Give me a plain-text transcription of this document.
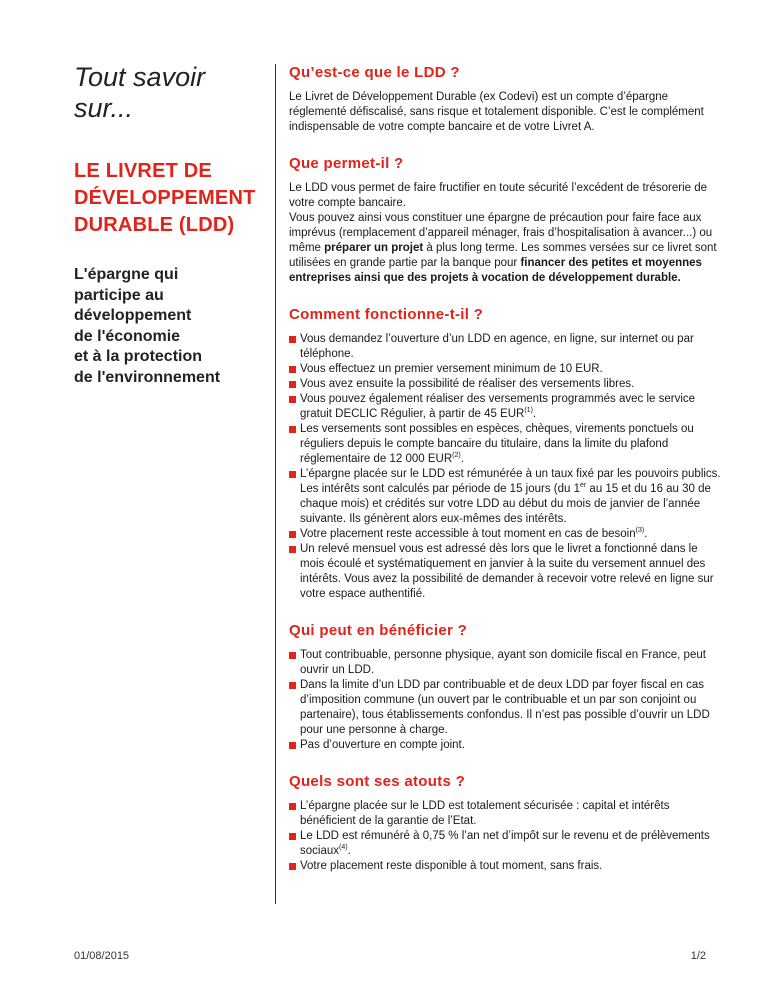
Tout savoir sur...

LE LIVRET DE DÉVELOPPEMENT DURABLE (LDD)

L'épargne qui
participe au
développement
de l'économie
et à la protection
de l'environnement

Qu’est-ce que le LDD ?

Le Livret de Développement Durable (ex Codevi) est un compte d’épargne réglementé défiscalisé, sans risque et totalement disponible. C’est le complément indispensable de votre compte bancaire et de votre Livret A.

Que permet-il ?

Le LDD vous permet de faire fructifier en toute sécurité l’excédent de trésorerie de votre compte bancaire.
Vous pouvez ainsi vous constituer une épargne de précaution pour faire face aux imprévus (remplacement d’appareil ménager, frais d’hospitalisation à avancer...) ou même préparer un projet à plus long terme. Les sommes versées sur ce livret sont utilisées en grande partie par la banque pour financer des petites et moyennes entreprises ainsi que des projets à vocation de développement durable.

Comment fonctionne-t-il ?
Vous demandez l’ouverture d’un LDD en agence, en ligne, sur internet ou par téléphone.
Vous effectuez un premier versement minimum de 10 EUR.
Vous avez ensuite la possibilité de réaliser des versements libres.
Vous pouvez également réaliser des versements programmés avec le service gratuit DECLIC Régulier, à partir de 45 EUR$^{(1)}$.
Les versements sont possibles en espèces, chèques, virements ponctuels ou réguliers depuis le compte bancaire du titulaire, dans la limite du plafond réglementaire de 12 000 EUR$^{(2)}$.
L’épargne placée sur le LDD est rémunérée à un taux fixé par les pouvoirs publics.
Les intérêts sont calculés par période de 15 jours (du 1er au 15 et du 16 au 30 de chaque mois) et crédités sur votre LDD au début du mois de janvier de l’année suivante. Ils génèrent alors eux-mêmes des intérêts.
Votre placement reste accessible à tout moment en cas de besoin$^{(3)}$.
Un relevé mensuel vous est adressé dès lors que le livret a fonctionné dans le mois écoulé et systématiquement en janvier à la suite du versement annuel des intérêts. Vous avez la possibilité de demander à recevoir votre relevé en ligne sur votre espace authentifié.
Qui peut en bénéficier ?
Tout contribuable, personne physique, ayant son domicile fiscal en France, peut ouvrir un LDD.
Dans la limite d’un LDD par contribuable et de deux LDD par foyer fiscal en cas d’imposition commune (un ouvert par le contribuable et un par son conjoint ou partenaire), tous établissements confondus. Il n’est pas possible d’ouvrir un LDD pour une personne à charge.
Pas d’ouverture en compte joint.
Quels sont ses atouts ?
L’épargne placée sur le LDD est totalement sécurisée : capital et intérêts bénéficient de la garantie de l’Etat.
Le LDD est rémunéré à 0,75 % l’an net d’impôt sur le revenu et de prélèvements sociaux$^{(4)}$.
Votre placement reste disponible à tout moment, sans frais.
01/08/2015	1/2
